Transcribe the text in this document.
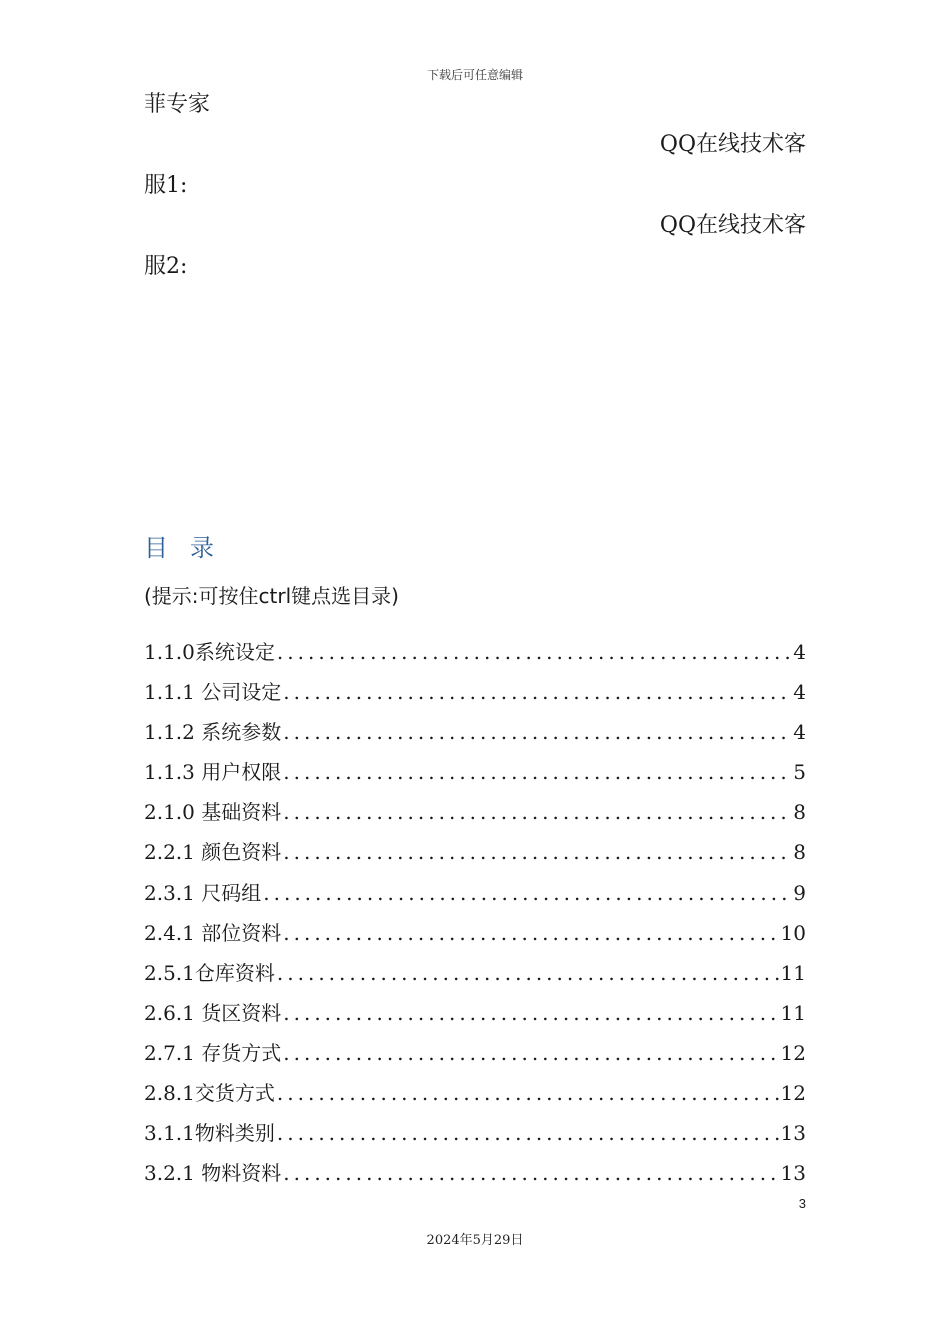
下载后可任意编辑
菲专家
QQ在线技术客
服1:
QQ在线技术客
服2:
目录
(提示:可按住ctrl键点选目录)
1.1.0系统设定 .....	4
1.1.1 公司设定 .....	4
1.1.2 系统参数 .....	4
1.1.3 用户权限 .....	5
2.1.0 基础资料 .....	8
2.2.1 颜色资料 .....	8
2.3.1 尺码组 .....	9
2.4.1 部位资料 .....	10
2.5.1仓库资料 .....	11
2.6.1 货区资料 .....	11
2.7.1 存货方式 .....	12
2.8.1交货方式 .....	12
3.1.1物料类别 .....	13
3.2.1 物料资料 .....	13
3
2024年5月29日
